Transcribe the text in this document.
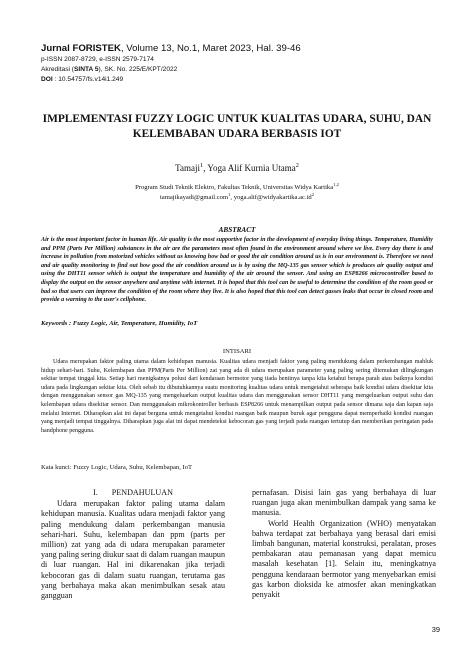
Jurnal FORISTEK, Volume 13, No.1, Maret 2023, Hal. 39-46
p-ISSN 2087-8729, e-ISSN 2579-7174
Akreditasi (SINTA 5), SK. No. 225/E/KPT/2022
DOI : 10.54757/fs.v14i1.249
IMPLEMENTASI FUZZY LOGIC UNTUK KUALITAS UDARA, SUHU, DAN
KELEMBABAN UDARA BERBASIS IOT
Tamaji$^1$, Yoga Alif Kurnia Utama$^2$
Program Studi Teknik Elektro, Fakultas Teknik, Universitas Widya Kartika$^{1,2}$
tamajikayadi@gmail.com$^1$, $yoga.alif@widyakartika.ac.id^2$
ABSTRACT
Air is the most important factor in human life. Air quality is the most supportive factor in the development of everyday living things. Temperature, Humidity and PPM (Parts Per Million) substances in the air are the parameters most often found in the environment around where we live. Every day there is and increase in pollution from motorized vehicles without us knowing how bad or good the air condition around us is in our environment is. Therefore we need and air quality monitoring to find out how good the air condition around us is by using the MQ-135 gas sensor which is produces air quality output and using the DHT11 sensor which is output the temperature and humidity of the air around the sensor. And using an ESP8266 microcontroller based to display the output on the sensor anywhere and anytime with internet. It is hoped that this tool can be useful to determine the condition of the room good or bad so that users can improve the condition of the room where they live. It is also hoped that this tool can detect gasses leaks that occur in closed room and provide a warning to the user's cellphone.
Keywords : Fuzzy Logic, Air, Temperature, Humidity, IoT
INTISARI

Udara merupakan faktor paling utama dalam kehidupan manusia. Kualitas udara menjadi faktor yang paling mendukung dalam perkembangan mahluk hidup sehari-hari. Suhu, Kelembapan dan PPM(Parts Per Million) zat yang ada di udara merupakan parameter yang paling sering ditemukan dilingkungan sekitar tempat tinggal kita. Setiap hari menigkatnya polusi dari kendaraan bermotor yang tiada hentinya tanpa kita ketahui berapa parah atau baiknya kondisi udara pada lingkungan sekitar kita. Oleh sebab itu dibutuhkannya suatu monitoring kualitas udara untuk mengetahui seberapa baik kondisi udara disekitar kita dengan menggunakan sensor gas MQ-135 yang mengeluarkan output kualitas udara dan menggunakan sensor DHT11 yang mengeluarkan output suhu dan kelembapan udara disekitar sensor. Dan menggunakan mikrokontroller berbasis ESP8266 untuk menampilkan output pada sensor dimana saja dan kapan saja melalui Internet. Diharapkan alat ini dapat berguna untuk mengetahui kondisi ruangan baik maupun buruk agar pengguna dapat memperbaiki kondisi ruangan yang menjadi tempat tinggalnya. Diharapkan juga alat ini dapat mendeteksi kebocoran gas yang terjadi pada ruangan tertutup dan memberikan peringatan pada handphone pengguna.

Kata kunci: Fuzzy Logic, Udara, Suhu, Kelembapan, IoT
I. PENDAHULUAN

Udara merupakan faktor paling utama dalam kehidupan manusia. Kualitas udara menjadi faktor yang paling mendukung dalam perkembangan manusia sehari-hari. Suhu, kelembapan dan ppm (parts per million) zat yang ada di udara merupakan parameter yang paling sering diukur saat di dalam ruangan maupun di luar ruangan. Hal ini dikarenakan jika terjadi kebocoran gas di dalam suatu ruangan, terutama gas yang berbahaya maka akan menimbulkan sesak atau gangguan

pernafasan. Disisi lain gas yang berbahaya di luar ruangan juga akan menimbulkan dampak yang sama ke manusia.

World Health Organization (WHO) menyatakan bahwa terdapat zat berbahaya yang berasal dari emisi limbah bangunan, material konstruksi, peralatan, proses pembakaran atau pemanasan yang dapat memicu masalah kesehatan [1]. Selain itu, meningkatnya pengguna kendaraan bermotor yang menyebarkan emisi gas karbon dioksida ke atmosfer akan meningkatkan penyakit

39
